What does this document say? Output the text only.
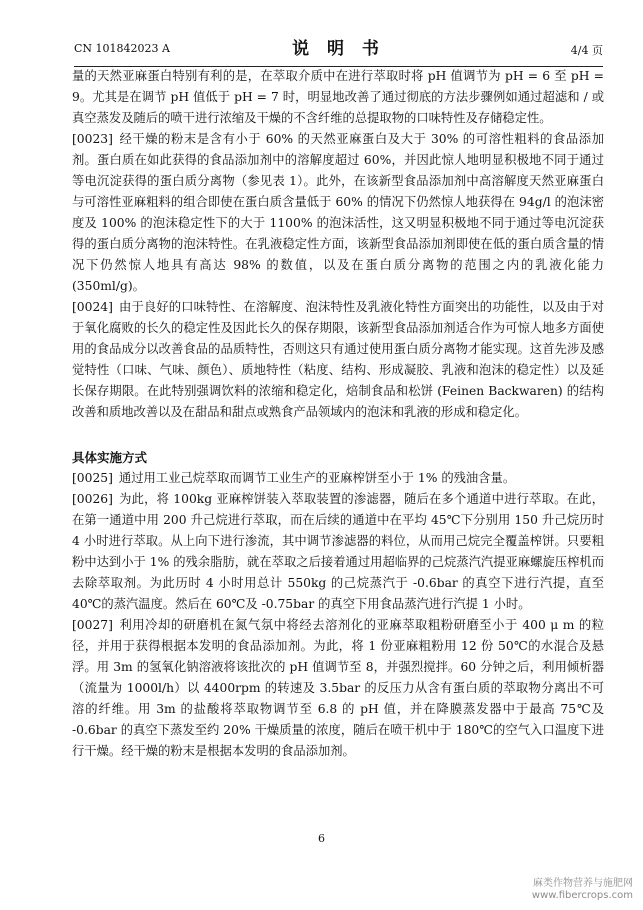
CN 101842023 A	说 明 书	4/4 页

量的天然亚麻蛋白特别有利的是，在萃取介质中在进行萃取时将 pH 值调节为 pH = 6 至 pH = 9。尤其是在调节 pH 值低于 pH = 7 时，明显地改善了通过彻底的方法步骤例如通过超滤和 / 或真空蒸发及随后的喷干进行浓缩及干燥的不含纤维的总提取物的口味特性及存储稳定性。

[0023] 经干燥的粉末是含有小于 60% 的天然亚麻蛋白及大于 30% 的可溶性粗料的食品添加剂。蛋白质在如此获得的食品添加剂中的溶解度超过 60%，并因此惊人地明显积极地不同于通过等电沉淀获得的蛋白质分离物（参见表 1）。此外，在该新型食品添加剂中高溶解度天然亚麻蛋白与可溶性亚麻粗料的组合即使在蛋白质含量低于 60% 的情况下仍然惊人地获得在 94g/l 的泡沫密度及 100% 的泡沫稳定性下的大于 1100% 的泡沫活性，这又明显积极地不同于通过等电沉淀获得的蛋白质分离物的泡沫特性。在乳液稳定性方面，该新型食品添加剂即使在低的蛋白质含量的情况下仍然惊人地具有高达 98% 的数值，以及在蛋白质分离物的范围之内的乳液化能力 (350ml/g)。

[0024] 由于良好的口味特性、在溶解度、泡沫特性及乳液化特性方面突出的功能性，以及由于对于氧化腐败的长久的稳定性及因此长久的保存期限，该新型食品添加剂适合作为可惊人地多方面使用的食品成分以改善食品的品质特性，否则这只有通过使用蛋白质分离物才能实现。这首先涉及感觉特性（口味、气味、颜色）、质地特性（粘度、结构、形成凝胶、乳液和泡沫的稳定性）以及延长保存期限。在此特别强调饮料的浓缩和稳定化，焙制食品和松饼 (Feinen Backwaren) 的结构改善和质地改善以及在甜品和甜点或熟食产品领域内的泡沫和乳液的形成和稳定化。

具体实施方式

[0025] 通过用工业己烷萃取而调节工业生产的亚麻榨饼至小于 1% 的残油含量。

[0026] 为此，将 100kg 亚麻榨饼装入萃取装置的渗滤器，随后在多个通道中进行萃取。在此，在第一通道中用 200 升己烷进行萃取，而在后续的通道中在平均 45℃下分别用 150 升己烷历时 4 小时进行萃取。从上向下进行渗流，其中调节渗滤器的料位，从而用己烷完全覆盖榨饼。只要粗粉中达到小于 1% 的残余脂肪，就在萃取之后接着通过用超临界的己烷蒸汽汽提亚麻螺旋压榨机而去除萃取剂。为此历时 4 小时用总计 550kg 的己烷蒸汽于 -0.6bar 的真空下进行汽提，直至 40℃的蒸汽温度。然后在 60℃及 -0.75bar 的真空下用食品蒸汽进行汽提 1 小时。

[0027] 利用冷却的研磨机在氮气氛中将经去溶剂化的亚麻萃取粗粉研磨至小于 400 μ m 的粒径，并用于获得根据本发明的食品添加剂。为此，将 1 份亚麻粗粉用 12 份 50℃的水混合及悬浮。用 3m 的氢氧化钠溶液将该批次的 pH 值调节至 8，并强烈搅拌。60 分钟之后，利用倾析器（流量为 1000l/h）以 4400rpm 的转速及 3.5bar 的反压力从含有蛋白质的萃取物分离出不可溶的纤维。用 3m 的盐酸将萃取物调节至 6.8 的 pH 值，并在降膜蒸发器中于最高 75℃及 -0.6bar 的真空下蒸发至约 20% 干燥质量的浓度，随后在喷干机中于 180℃的空气入口温度下进行干燥。经干燥的粉末是根据本发明的食品添加剂。

6
麻类作物营养与施肥网
www.fibercrops.com
